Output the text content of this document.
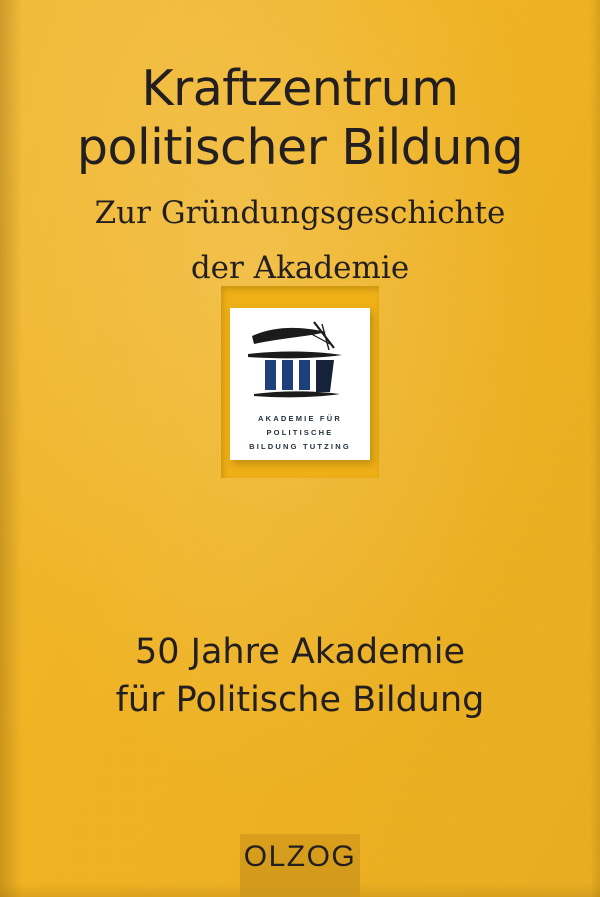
Kraftzentrum
politischer Bildung
Zur Gründungsgeschichte
der Akademie
AKADEMIE FÜR
POLITISCHE
BILDUNG TUTZING
50 Jahre Akademie
für Politische Bildung
OLZOG
